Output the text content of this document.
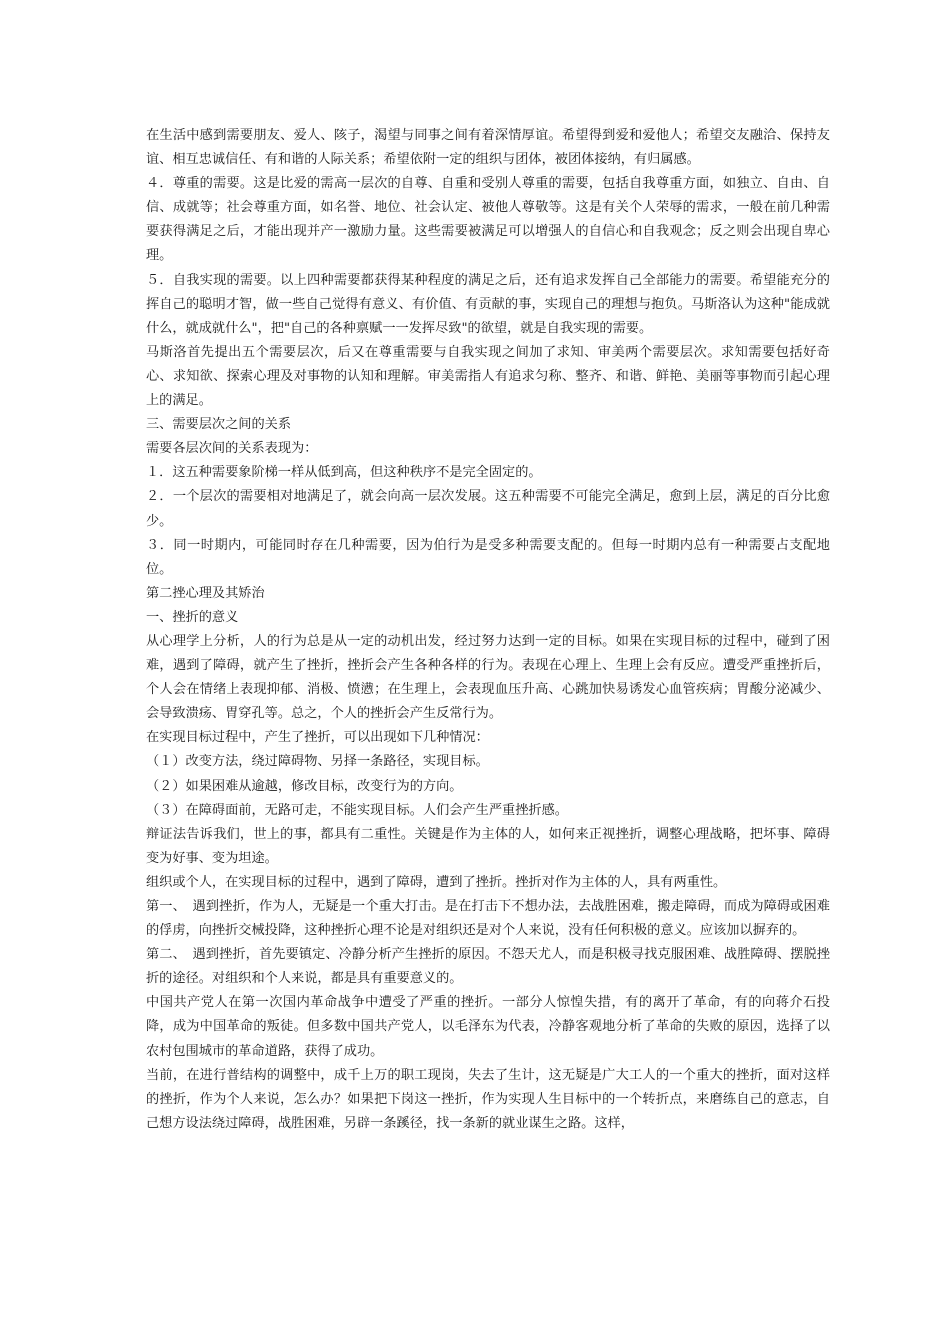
在生活中感到需要朋友、爱人、陔子，渴望与同事之间有着深情厚谊。希望得到爱和爱他人；希望交友融洽、保持友谊、相互忠诚信任、有和谐的人际关系；希望依附一定的组织与团体，被团体接纳，有归属感。

４．尊重的需要。这是比爱的需高一层次的自尊、自重和受别人尊重的需要，包括自我尊重方面，如独立、自由、自信、成就等；社会尊重方面，如名誉、地位、社会认定、被他人尊敬等。这是有关个人荣辱的需求，一般在前几种需要获得满足之后，才能出现并产一激励力量。这些需要被满足可以增强人的自信心和自我观念；反之则会出现自卑心理。

５．自我实现的需要。以上四种需要都获得某种程度的满足之后，还有追求发挥自己全部能力的需要。希望能充分的挥自己的聪明才智，做一些自己觉得有意义、有价值、有贡献的事，实现自己的理想与抱负。马斯洛认为这种"能成就什么，就成就什么"，把"自己的各种禀赋一一发挥尽致"的欲望，就是自我实现的需要。

马斯洛首先提出五个需要层次，后又在尊重需要与自我实现之间加了求知、审美两个需要层次。求知需要包括好奇心、求知欲、探索心理及对事物的认知和理解。审美需指人有追求匀称、整齐、和谐、鲜艳、美丽等事物而引起心理上的满足。

三、需要层次之间的关系

需要各层次间的关系表现为：

１．这五种需要象阶梯一样从低到高，但这种秩序不是完全固定的。

２．一个层次的需要相对地满足了，就会向高一层次发展。这五种需要不可能完全满足，愈到上层，满足的百分比愈少。

３．同一时期内，可能同时存在几种需要，因为伯行为是受多种需要支配的。但每一时期内总有一种需要占支配地位。

第二挫心理及其矫治

一、挫折的意义

从心理学上分析，人的行为总是从一定的动机出发，经过努力达到一定的目标。如果在实现目标的过程中，碰到了困难，遇到了障碍，就产生了挫折，挫折会产生各种各样的行为。表现在心理上、生理上会有反应。遭受严重挫折后，个人会在情绪上表现抑郁、消极、愤懑；在生理上，会表现血压升高、心跳加快易诱发心血管疾病；胃酸分泌减少、会导致溃疡、胃穿孔等。总之，个人的挫折会产生反常行为。

在实现目标过程中，产生了挫折，可以出现如下几种情况：

（１）改变方法，绕过障碍物、另择一条路径，实现目标。

（２）如果困难从逾越，修改目标，改变行为的方向。

（３）在障碍面前，无路可走，不能实现目标。人们会产生严重挫折感。

辩证法告诉我们，世上的事，都具有二重性。关键是作为主体的人，如何来正视挫折，调整心理战略，把坏事、障碍变为好事、变为坦途。

组织或个人，在实现目标的过程中，遇到了障碍，遭到了挫折。挫折对作为主体的人，具有两重性。

第一、　遇到挫折，作为人，无疑是一个重大打击。是在打击下不想办法，去战胜困难，搬走障碍，而成为障碍或困难的俘虏，向挫折交械投降，这种挫折心理不论是对组织还是对个人来说，没有任何积极的意义。应该加以摒弃的。

第二、　遇到挫折，首先要镇定、冷静分析产生挫折的原因。不怨天尤人，而是积极寻找克服困难、战胜障碍、摆脱挫折的途径。对组织和个人来说，都是具有重要意义的。

中国共产党人在第一次国内革命战争中遭受了严重的挫折。一部分人惊惶失措，有的离开了革命，有的向蒋介石投降，成为中国革命的叛徒。但多数中国共产党人，以毛泽东为代表，冷静客观地分析了革命的失败的原因，选择了以农村包围城市的革命道路，获得了成功。

当前，在进行普结构的调整中，成千上万的职工现岗，失去了生计，这无疑是广大工人的一个重大的挫折，面对这样的挫折，作为个人来说，怎么办？如果把下岗这一挫折，作为实现人生目标中的一个转折点，来磨练自己的意志，自己想方设法绕过障碍，战胜困难，另辟一条蹊径，找一条新的就业谋生之路。这样，
